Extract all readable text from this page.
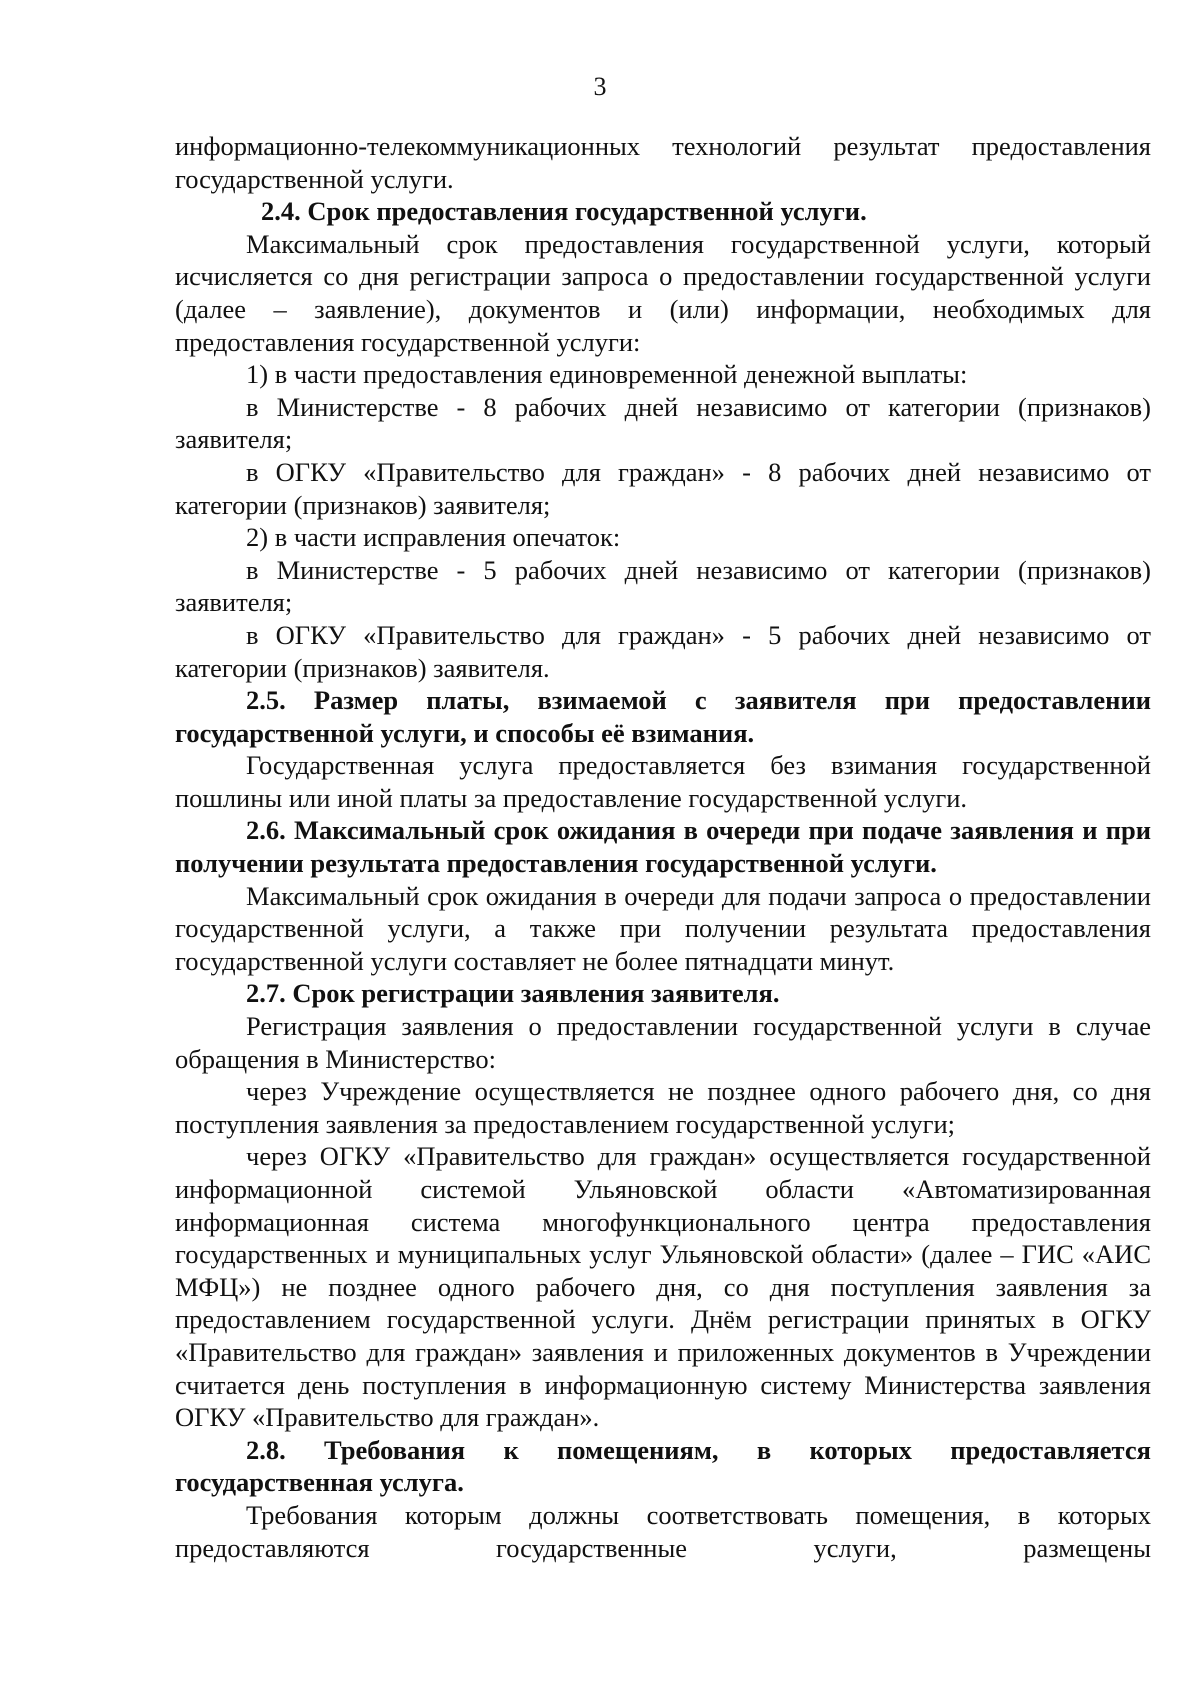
3

информационно-телекоммуникационных технологий результат предоставления государственной услуги.

2.4. Срок предоставления государственной услуги.

Максимальный срок предоставления государственной услуги, который исчисляется со дня регистрации запроса о предоставлении государственной услуги (далее – заявление), документов и (или) информации, необходимых для предоставления государственной услуги:

1) в части предоставления единовременной денежной выплаты:

в Министерстве - 8 рабочих дней независимо от категории (признаков) заявителя;

в ОГКУ «Правительство для граждан» - 8 рабочих дней независимо от категории (признаков) заявителя;

2) в части исправления опечаток:

в Министерстве - 5 рабочих дней независимо от категории (признаков) заявителя;

в ОГКУ «Правительство для граждан» - 5 рабочих дней независимо от категории (признаков) заявителя.

2.5. Размер платы, взимаемой с заявителя при предоставлении государственной услуги, и способы её взимания.

Государственная услуга предоставляется без взимания государственной пошлины или иной платы за предоставление государственной услуги.

2.6. Максимальный срок ожидания в очереди при подаче заявления и при получении результата предоставления государственной услуги.

Максимальный срок ожидания в очереди для подачи запроса о предоставлении государственной услуги, а также при получении результата предоставления государственной услуги составляет не более пятнадцати минут.

2.7. Срок регистрации заявления заявителя.

Регистрация заявления о предоставлении государственной услуги в случае обращения в Министерство:

через Учреждение осуществляется не позднее одного рабочего дня, со дня поступления заявления за предоставлением государственной услуги;

через ОГКУ «Правительство для граждан» осуществляется государственной информационной системой Ульяновской области «Автоматизированная информационная система многофункционального центра предоставления государственных и муниципальных услуг Ульяновской области» (далее – ГИС «АИС МФЦ») не позднее одного рабочего дня, со дня поступления заявления за предоставлением государственной услуги. Днём регистрации принятых в ОГКУ «Правительство для граждан» заявления и приложенных документов в Учреждении считается день поступления в информационную систему Министерства заявления ОГКУ «Правительство для граждан».

2.8. Требования к помещениям, в которых предоставляется государственная услуга.

Требования которым должны соответствовать помещения, в которых предоставляются государственные услуги, размещены
